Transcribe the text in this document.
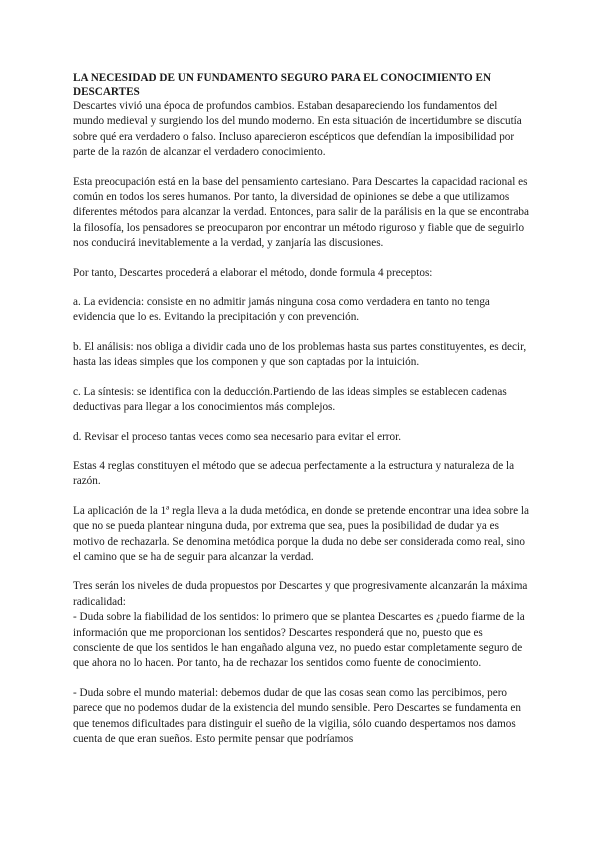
LA NECESIDAD DE UN FUNDAMENTO SEGURO PARA EL CONOCIMIENTO EN DESCARTES

Descartes vivió una época de profundos cambios. Estaban desapareciendo los fundamentos del mundo medieval y surgiendo los del mundo moderno. En esta situación de incertidumbre se discutía sobre qué era verdadero o falso. Incluso aparecieron escépticos que defendían la imposibilidad por parte de la razón de alcanzar el verdadero conocimiento.

Esta preocupación está en la base del pensamiento cartesiano. Para Descartes la capacidad racional es común en todos los seres humanos. Por tanto, la diversidad de opiniones se debe a que utilizamos diferentes métodos para alcanzar la verdad. Entonces, para salir de la parálisis en la que se encontraba la filosofía, los pensadores se preocuparon por encontrar un método riguroso y fiable que de seguirlo nos conducirá inevitablemente a la verdad, y zanjaría las discusiones.

Por tanto, Descartes procederá a elaborar el método, donde formula 4 preceptos:

a. La evidencia: consiste en no admitir jamás ninguna cosa como verdadera en tanto no tenga evidencia que lo es. Evitando la precipitación y con prevención.

b. El análisis: nos obliga a dividir cada uno de los problemas hasta sus partes constituyentes, es decir, hasta las ideas simples que los componen y que son captadas por la intuición.

c. La síntesis: se identifica con la deducción.Partiendo de las ideas simples se establecen cadenas deductivas para llegar a los conocimientos más complejos.

d. Revisar el proceso tantas veces como sea necesario para evitar el error.

Estas 4 reglas constituyen el método que se adecua perfectamente a la estructura y naturaleza de la razón.

La aplicación de la 1ª regla lleva a la duda metódica, en donde se pretende encontrar una idea sobre la que no se pueda plantear ninguna duda, por extrema que sea, pues la posibilidad de dudar ya es motivo de rechazarla. Se denomina metódica porque la duda no debe ser considerada como real, sino el camino que se ha de seguir para alcanzar la verdad.

Tres serán los niveles de duda propuestos por Descartes y que progresivamente alcanzarán la máxima radicalidad:

- Duda sobre la fiabilidad de los sentidos: lo primero que se plantea Descartes es ¿puedo fiarme de la información que me proporcionan los sentidos? Descartes responderá que no, puesto que es consciente de que los sentidos le han engañado alguna vez, no puedo estar completamente seguro de que ahora no lo hacen. Por tanto, ha de rechazar los sentidos como fuente de conocimiento.

- Duda sobre el mundo material: debemos dudar de que las cosas sean como las percibimos, pero parece que no podemos dudar de la existencia del mundo sensible. Pero Descartes se fundamenta en que tenemos dificultades para distinguir el sueño de la vigilia, sólo cuando despertamos nos damos cuenta de que eran sueños. Esto permite pensar que podríamos
